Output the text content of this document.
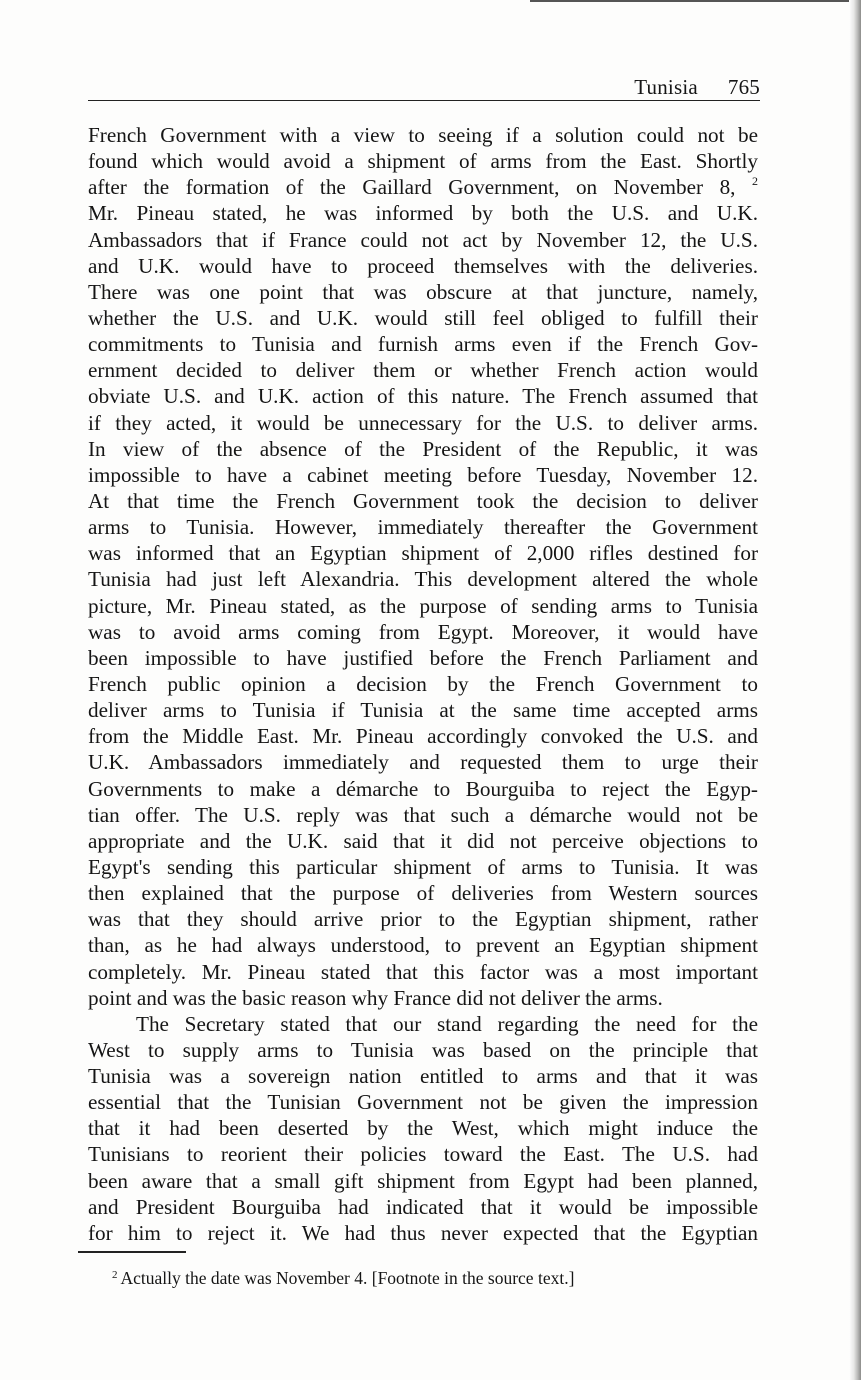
Tunisia 765
French Government with a view to seeing if a solution could not be
found which would avoid a shipment of arms from the East. Shortly
after the formation of the Gaillard Government, on November 8, $^2$
Mr. Pineau stated, he was informed by both the U.S. and U.K.
Ambassadors that if France could not act by November 12, the U.S.
and U.K. would have to proceed themselves with the deliveries.
There was one point that was obscure at that juncture, namely,
whether the U.S. and U.K. would still feel obliged to fulfill their
commitments to Tunisia and furnish arms even if the French Gov-
ernment decided to deliver them or whether French action would
obviate U.S. and U.K. action of this nature. The French assumed that
if they acted, it would be unnecessary for the U.S. to deliver arms.
In view of the absence of the President of the Republic, it was
impossible to have a cabinet meeting before Tuesday, November 12.
At that time the French Government took the decision to deliver
arms to Tunisia. However, immediately thereafter the Government
was informed that an Egyptian shipment of 2,000 rifles destined for
Tunisia had just left Alexandria. This development altered the whole
picture, Mr. Pineau stated, as the purpose of sending arms to Tunisia
was to avoid arms coming from Egypt. Moreover, it would have
been impossible to have justified before the French Parliament and
French public opinion a decision by the French Government to
deliver arms to Tunisia if Tunisia at the same time accepted arms
from the Middle East. Mr. Pineau accordingly convoked the U.S. and
U.K. Ambassadors immediately and requested them to urge their
Governments to make a démarche to Bourguiba to reject the Egyp-
tian offer. The U.S. reply was that such a démarche would not be
appropriate and the U.K. said that it did not perceive objections to
Egypt's sending this particular shipment of arms to Tunisia. It was
then explained that the purpose of deliveries from Western sources
was that they should arrive prior to the Egyptian shipment, rather
than, as he had always understood, to prevent an Egyptian shipment
completely. Mr. Pineau stated that this factor was a most important
point and was the basic reason why France did not deliver the arms.
The Secretary stated that our stand regarding the need for the
West to supply arms to Tunisia was based on the principle that
Tunisia was a sovereign nation entitled to arms and that it was
essential that the Tunisian Government not be given the impression
that it had been deserted by the West, which might induce the
Tunisians to reorient their policies toward the East. The U.S. had
been aware that a small gift shipment from Egypt had been planned,
and President Bourguiba had indicated that it would be impossible
for him to reject it. We had thus never expected that the Egyptian
$^2$ Actually the date was November 4. [Footnote in the source text.]
